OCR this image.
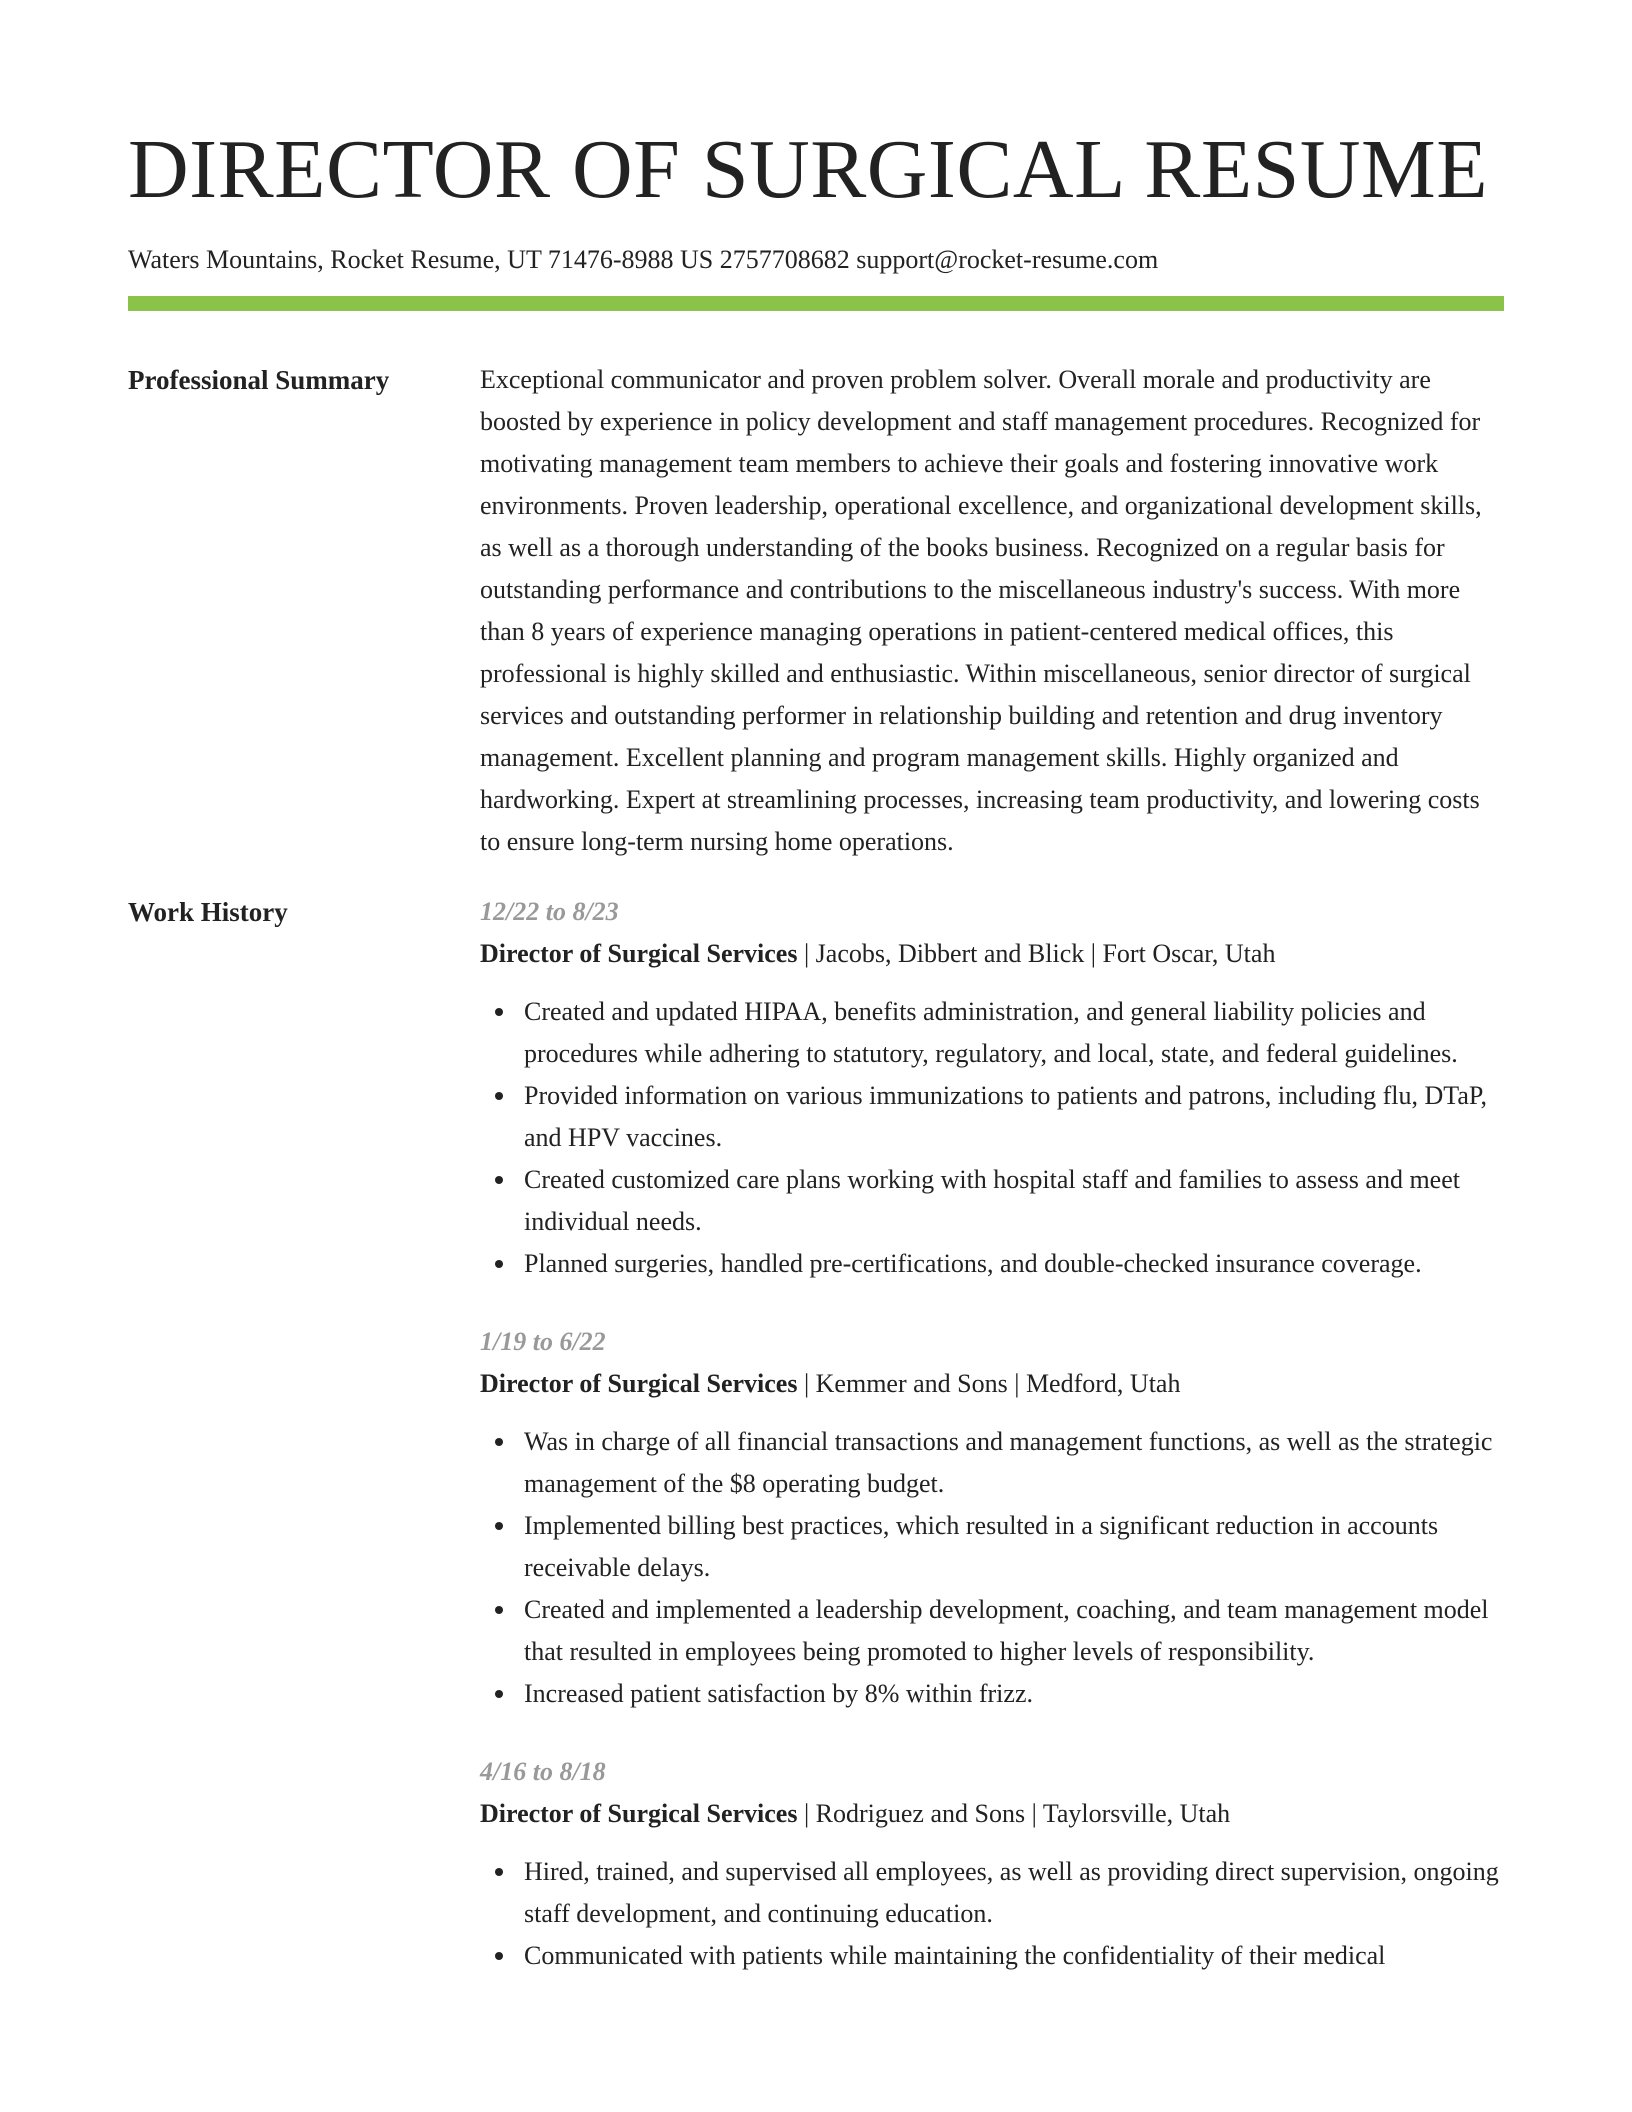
DIRECTOR OF SURGICAL RESUME
Waters Mountains, Rocket Resume, UT 71476-8988 US 2757708682 support@rocket-resume.com
Professional Summary	Exceptional communicator and proven problem solver. Overall morale and productivity are boosted by experience in policy development and staff management procedures. Recognized for motivating management team members to achieve their goals and fostering innovative work environments. Proven leadership, operational excellence, and organizational development skills, as well as a thorough understanding of the books business. Recognized on a regular basis for outstanding performance and contributions to the miscellaneous industry's success. With more than 8 years of experience managing operations in patient-centered medical offices, this professional is highly skilled and enthusiastic. Within miscellaneous, senior director of surgical services and outstanding performer in relationship building and retention and drug inventory management. Excellent planning and program management skills. Highly organized and hardworking. Expert at streamlining processes, increasing team productivity, and lowering costs to ensure long-term nursing home operations.

Work History	12/22 to 8/23
Director of Surgical Services | Jacobs, Dibbert and Blick | Fort Oscar, Utah
Created and updated HIPAA, benefits administration, and general liability policies and procedures while adhering to statutory, regulatory, and local, state, and federal guidelines.
Provided information on various immunizations to patients and patrons, including flu, DTaP, and HPV vaccines.
Created customized care plans working with hospital staff and families to assess and meet individual needs.
Planned surgeries, handled pre-certifications, and double-checked insurance coverage.
1/19 to 6/22
Director of Surgical Services | Kemmer and Sons | Medford, Utah
Was in charge of all financial transactions and management functions, as well as the strategic management of the $8 operating budget.
Implemented billing best practices, which resulted in a significant reduction in accounts receivable delays.
Created and implemented a leadership development, coaching, and team management model that resulted in employees being promoted to higher levels of responsibility.
Increased patient satisfaction by 8% within frizz.
4/16 to 8/18
Director of Surgical Services | Rodriguez and Sons | Taylorsville, Utah
Hired, trained, and supervised all employees, as well as providing direct supervision, ongoing staff development, and continuing education.
Communicated with patients while maintaining the confidentiality of their medical
